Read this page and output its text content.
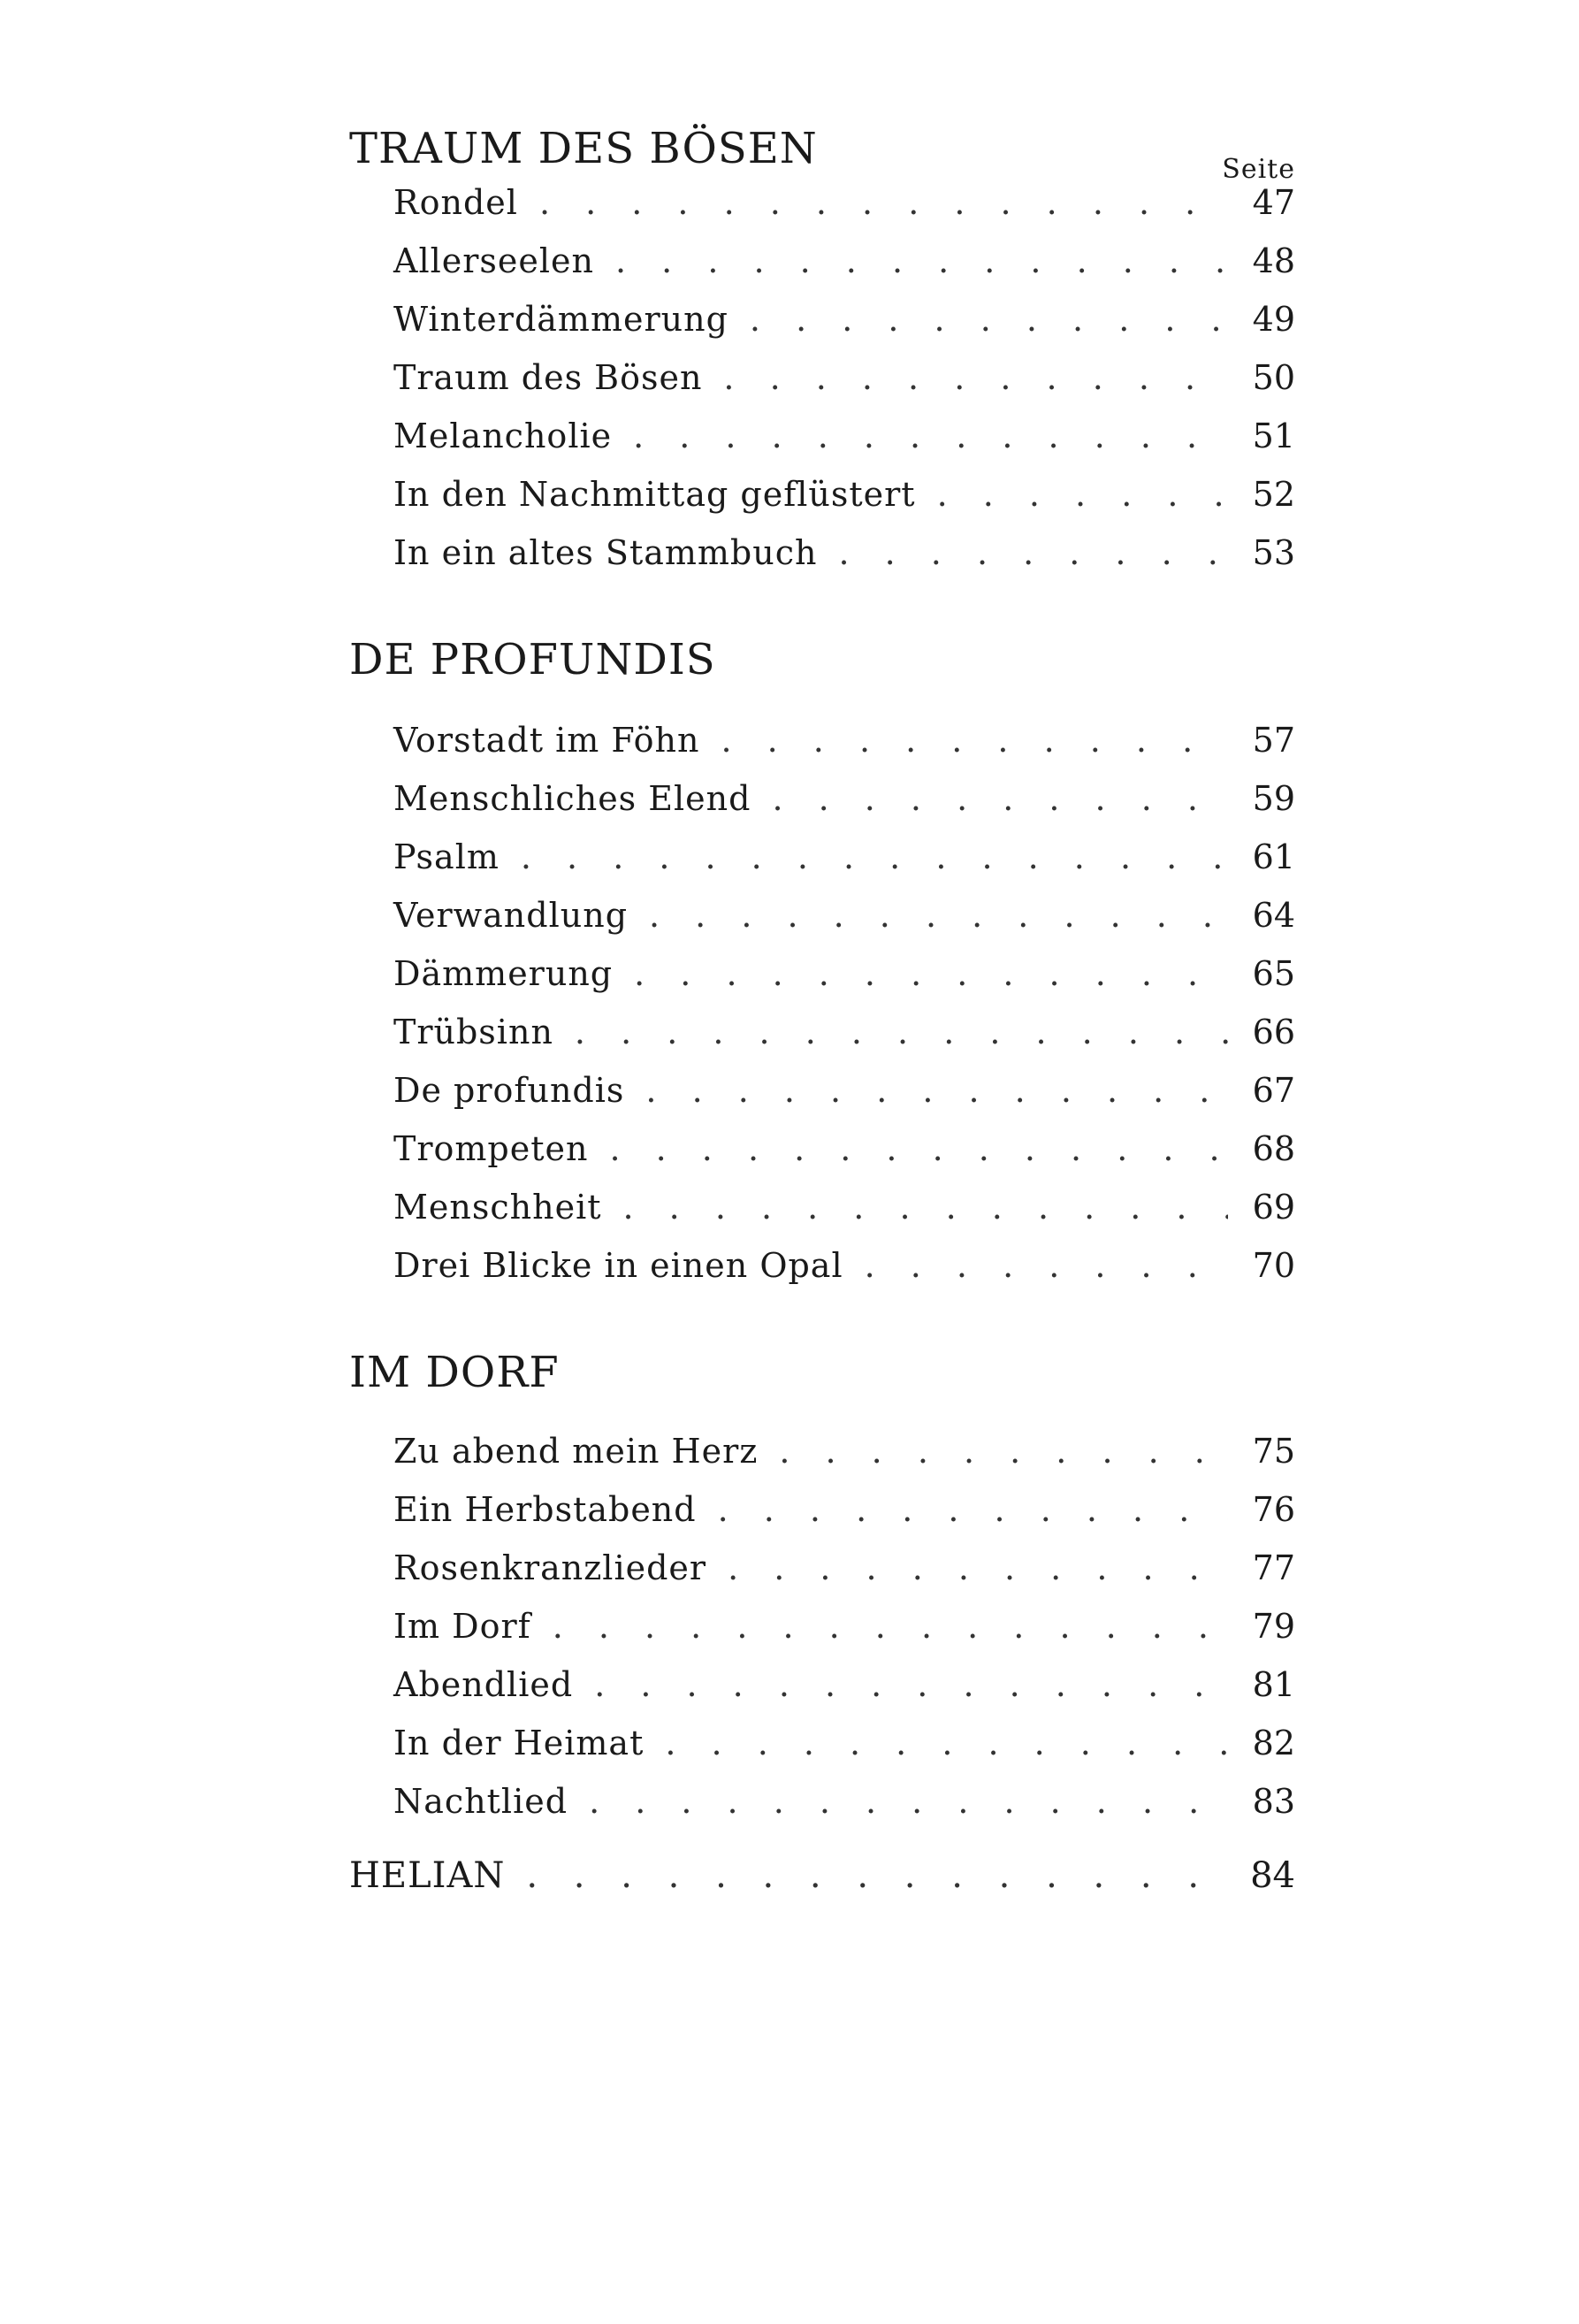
TRAUM DES BÖSEN	Seite
Rondel . . .	47
Allerseelen . . .	48
Winterdämmerung . . .	49
Traum des Bösen . . .	50
Melancholie . . .	51
In den Nachmittag geflüstert . . .	52
In ein altes Stammbuch . . .	53
DE PROFUNDIS
Vorstadt im Föhn . . .	57
Menschliches Elend . . .	59
Psalm . . .	61
Verwandlung . . .	64
Dämmerung . . .	65
Trübsinn . . .	66
De profundis . . .	67
Trompeten . . .	68
Menschheit . . .	69
Drei Blicke in einen Opal . . .	70
IM DORF
Zu abend mein Herz . . .	75
Ein Herbstabend . . .	76
Rosenkranzlieder . . .	77
Im Dorf . . .	79
Abendlied . . .	81
In der Heimat . . .	82
Nachtlied . . .	83
HELIAN . . .	84
